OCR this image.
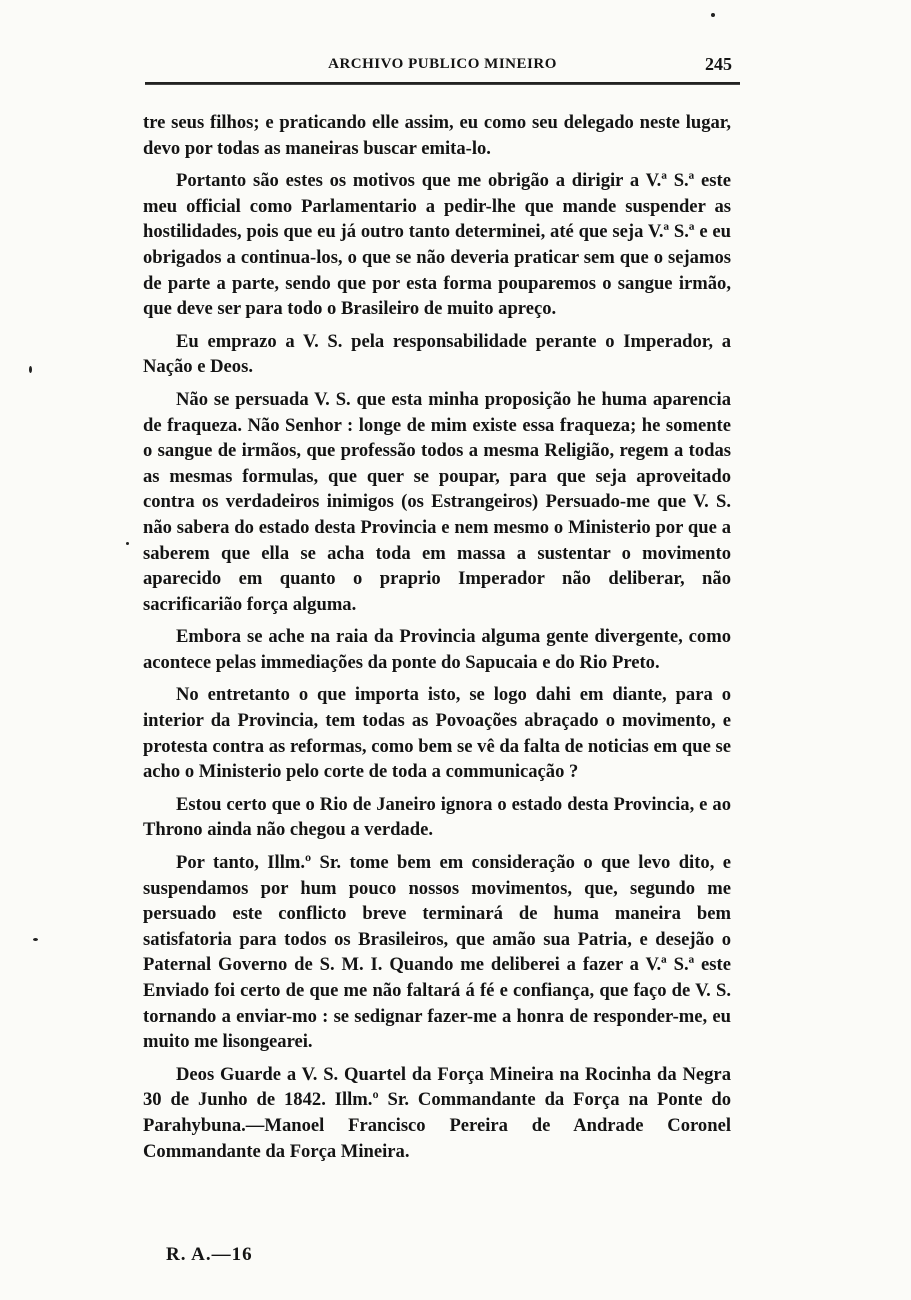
ARCHIVO PUBLICO MINEIRO	245

tre seus filhos; e praticando elle assim, eu como seu delegado neste lugar, devo por todas as maneiras buscar emita-lo.

Portanto são estes os motivos que me obrigão a dirigir a V.ª S.ª este meu official como Parlamentario a pedir-lhe que mande suspender as hostilidades, pois que eu já outro tanto determinei, até que seja V.ª S.ª e eu obrigados a continua-los, o que se não deveria praticar sem que o sejamos de parte a parte, sendo que por esta forma pouparemos o sangue irmão, que deve ser para todo o Brasileiro de muito apreço.

Eu emprazo a V. S. pela responsabilidade perante o Imperador, a Nação e Deos.

Não se persuada V. S. que esta minha proposição he huma aparencia de fraqueza. Não Senhor : longe de mim existe essa fraqueza; he somente o sangue de irmãos, que professão todos a mesma Religião, regem a todas as mesmas formulas, que quer se poupar, para que seja aproveitado contra os verdadeiros inimigos (os Estrangeiros) Persuado-me que V. S. não sabera do estado desta Provincia e nem mesmo o Ministerio por que a saberem que ella se acha toda em massa a sustentar o movimento aparecido em quanto o praprio Imperador não deliberar, não sacrificarião força alguma.

Embora se ache na raia da Provincia alguma gente divergente, como acontece pelas immediações da ponte do Sapucaia e do Rio Preto.

No entretanto o que importa isto, se logo dahi em diante, para o interior da Provincia, tem todas as Povoações abraçado o movimento, e protesta contra as reformas, como bem se vê da falta de noticias em que se acho o Ministerio pelo corte de toda a communicação ?

Estou certo que o Rio de Janeiro ignora o estado desta Provincia, e ao Throno ainda não chegou a verdade.

Por tanto, Illm.º Sr. tome bem em consideração o que levo dito, e suspendamos por hum pouco nossos movimentos, que, segundo me persuado este conflicto breve terminará de huma maneira bem satisfatoria para todos os Brasileiros, que amão sua Patria, e desejão o Paternal Governo de S. M. I. Quando me deliberei a fazer a V.ª S.ª este Enviado foi certo de que me não faltará á fé e confiança, que faço de V. S. tornando a enviar-mo : se sedignar fazer-me a honra de responder-me, eu muito me lisongearei.

Deos Guarde a V. S. Quartel da Força Mineira na Rocinha da Negra 30 de Junho de 1842. Illm.º Sr. Commandante da Força na Ponte do Parahybuna.—Manoel Francisco Pereira de Andrade Coronel Commandante da Força Mineira.

R. A.—16
